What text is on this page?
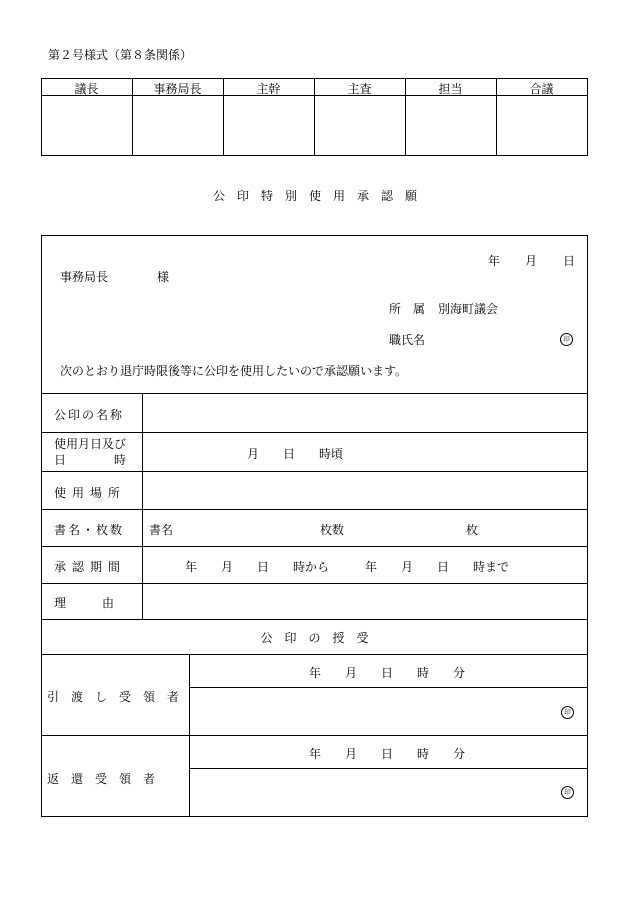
第２号様式（第８条関係）
議長	事務局長	主幹	主査	担当	合議
公　印　特　別　使　用　承　認　願
年 月 日
事務局長	様
所　属 別海町議会
職氏名	印
次のとおり退庁時限後等に公印を使用したいので承認願います。
公印の名称
使用月日及び
日　　　　時	月　　日　　時頃
使用場所
書名・枚数 書名	枚数	枚
承認期間	年　　月　　日　　時から　　　年　　月　　日　　時まで
理　　　由
公　印　の　授　受
引　渡　し　受　領　者
年　　月　　日　　時　　分
印
返　還　受　領　者
年　　月　　日　　時　　分
印
